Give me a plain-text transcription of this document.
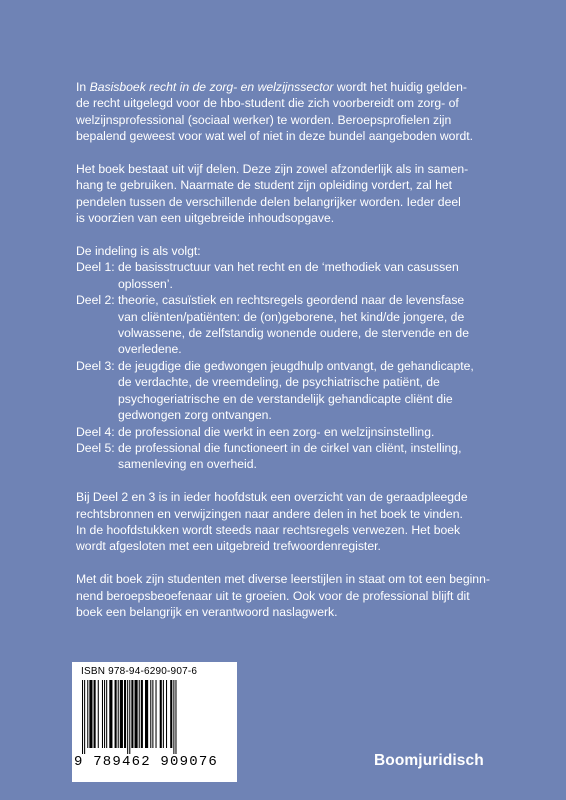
In Basisboek recht in de zorg- en welzijnssector wordt het huidig gelden-
de recht uitgelegd voor de hbo-student die zich voorbereidt om zorg- of
welzijnsprofessional (sociaal werker) te worden. Beroepsprofielen zijn
bepalend geweest voor wat wel of niet in deze bundel aangeboden wordt.
Het boek bestaat uit vijf delen. Deze zijn zowel afzonderlijk als in samen-
hang te gebruiken. Naarmate de student zijn opleiding vordert, zal het
pendelen tussen de verschillende delen belangrijker worden. Ieder deel
is voorzien van een uitgebreide inhoudsopgave.
De indeling is als volgt:
Deel 1: de basisstructuur van het recht en de ‘methodiek van casussen
oplossen’.
Deel 2: theorie, casuïstiek en rechtsregels geordend naar de levensfase
van cliënten/patiënten: de (on)geborene, het kind/de jongere, de
volwassene, de zelfstandig wonende oudere, de stervende en de
overledene.
Deel 3: de jeugdige die gedwongen jeugdhulp ontvangt, de gehandicapte,
de verdachte, de vreemdeling, de psychiatrische patiënt, de
psychogeriatrische en de verstandelijk gehandicapte cliënt die
gedwongen zorg ontvangen.
Deel 4: de professional die werkt in een zorg- en welzijnsinstelling.
Deel 5: de professional die functioneert in de cirkel van cliënt, instelling,
samenleving en overheid.
Bij Deel 2 en 3 is in ieder hoofdstuk een overzicht van de geraadpleegde
rechtsbronnen en verwijzingen naar andere delen in het boek te vinden.
In de hoofdstukken wordt steeds naar rechtsregels verwezen. Het boek
wordt afgesloten met een uitgebreid trefwoordenregister.
Met dit boek zijn studenten met diverse leerstijlen in staat om tot een beginn-
nend beroepsbeoefenaar uit te groeien. Ook voor de professional blijft dit
boek een belangrijk en verantwoord naslagwerk.
ISBN 978-94-6290-907-6
9 789462 909076	Boomjuridisch
